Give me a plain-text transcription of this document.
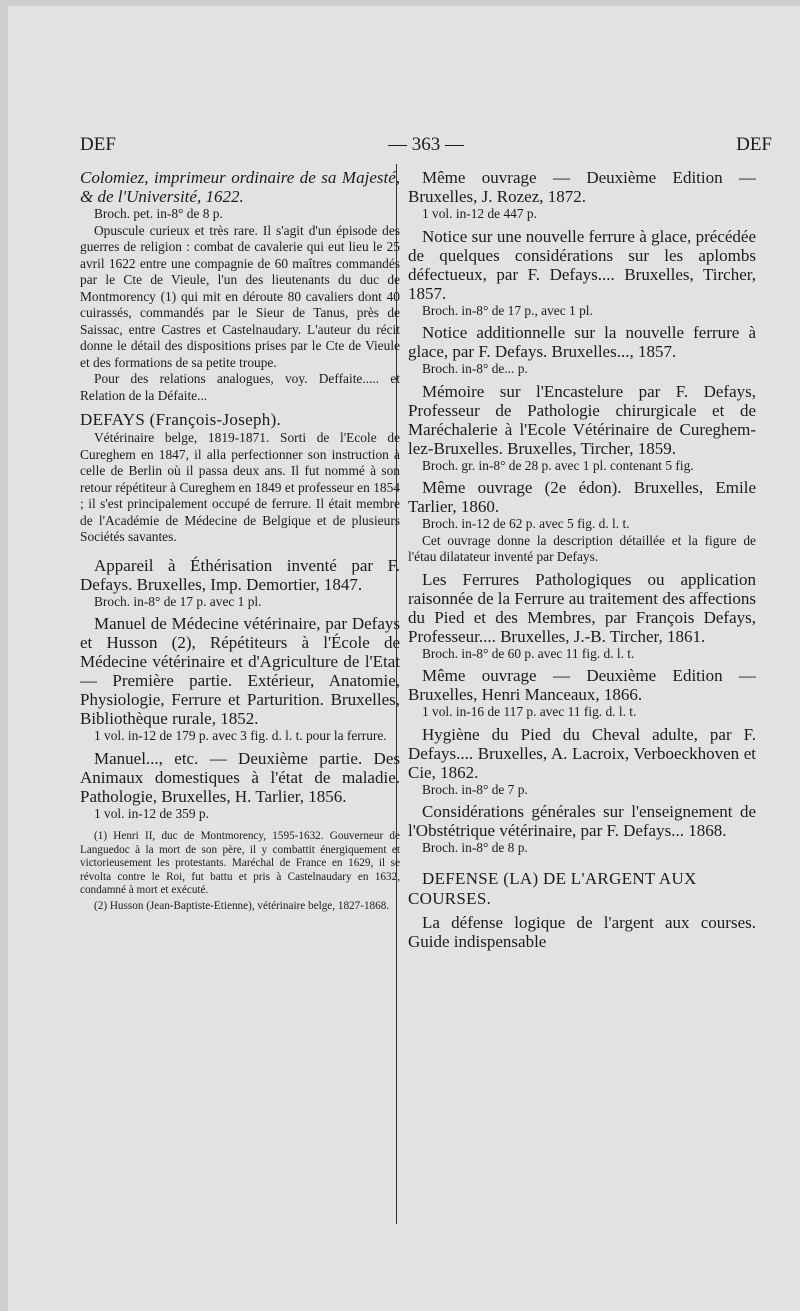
DEF	— 363 —	DEF

Colomiez, imprimeur ordinaire de sa Majesté, & de l'Université, 1622.

Broch. pet. in-8° de 8 p.

Opuscule curieux et très rare. Il s'agit d'un épisode des guerres de religion : combat de cavalerie qui eut lieu le 25 avril 1622 entre une compagnie de 60 maîtres commandés par le Cte de Vieule, l'un des lieutenants du duc de Montmorency (1) qui mit en déroute 80 cavaliers dont 40 cuirassés, commandés par le Sieur de Tanus, près de Saissac, entre Castres et Castelnaudary. L'auteur du récit donne le détail des dispositions prises par le Cte de Vieule et des formations de sa petite troupe.

Pour des relations analogues, voy. Deffaite..... et Relation de la Défaite...

DEFAYS (François-Joseph).

Vétérinaire belge, 1819-1871. Sorti de l'Ecole de Cureghem en 1847, il alla perfectionner son instruction à celle de Berlin où il passa deux ans. Il fut nommé à son retour répétiteur à Cureghem en 1849 et professeur en 1854 ; il s'est principalement occupé de ferrure. Il était membre de l'Académie de Médecine de Belgique et de plusieurs Sociétés savantes.

Appareil à Éthérisation inventé par F. Defays. Bruxelles, Imp. Demortier, 1847.

Broch. in-8° de 17 p. avec 1 pl.

Manuel de Médecine vétérinaire, par Defays et Husson (2), Répétiteurs à l'École de Médecine vétérinaire et d'Agriculture de l'Etat — Première partie. Extérieur, Anatomie, Physiologie, Ferrure et Parturition. Bruxelles, Bibliothèque rurale, 1852.

1 vol. in-12 de 179 p. avec 3 fig. d. l. t. pour la ferrure.

Manuel..., etc. — Deuxième partie. Des Animaux domestiques à l'état de maladie. Pathologie, Bruxelles, H. Tarlier, 1856.

1 vol. in-12 de 359 p.

(1) Henri II, duc de Montmorency, 1595-1632. Gouverneur de Languedoc à la mort de son père, il y combattit énergiquement et victorieusement les protestants. Maréchal de France en 1629, il se révolta contre le Roi, fut battu et pris à Castelnaudary en 1632, condamné à mort et exécuté.

(2) Husson (Jean-Baptiste-Etienne), vétérinaire belge, 1827-1868.

Même ouvrage — Deuxième Edition — Bruxelles, J. Rozez, 1872.

1 vol. in-12 de 447 p.

Notice sur une nouvelle ferrure à glace, précédée de quelques considérations sur les aplombs défectueux, par F. Defays.... Bruxelles, Tircher, 1857.

Broch. in-8° de 17 p., avec 1 pl.

Notice additionnelle sur la nouvelle ferrure à glace, par F. Defays. Bruxelles..., 1857.

Broch. in-8° de... p.

Mémoire sur l'Encastelure par F. Defays, Professeur de Pathologie chirurgicale et de Maréchalerie à l'Ecole Vétérinaire de Cureghem-lez-Bruxelles. Bruxelles, Tircher, 1859.

Broch. gr. in-8° de 28 p. avec 1 pl. contenant 5 fig.

Même ouvrage (2e édon). Bruxelles, Emile Tarlier, 1860.

Broch. in-12 de 62 p. avec 5 fig. d. l. t.

Cet ouvrage donne la description détaillée et la figure de l'étau dilatateur inventé par Defays.

Les Ferrures Pathologiques ou application raisonnée de la Ferrure au traitement des affections du Pied et des Membres, par François Defays, Professeur.... Bruxelles, J.-B. Tircher, 1861.

Broch. in-8° de 60 p. avec 11 fig. d. l. t.

Même ouvrage — Deuxième Edition — Bruxelles, Henri Manceaux, 1866.

1 vol. in-16 de 117 p. avec 11 fig. d. l. t.

Hygiène du Pied du Cheval adulte, par F. Defays.... Bruxelles, A. Lacroix, Verboeckhoven et Cie, 1862.

Broch. in-8° de 7 p.

Considérations générales sur l'enseignement de l'Obstétrique vétérinaire, par F. Defays... 1868.

Broch. in-8° de 8 p.

DEFENSE (LA) DE L'ARGENT AUX COURSES.

La défense logique de l'argent aux courses. Guide indispensable
